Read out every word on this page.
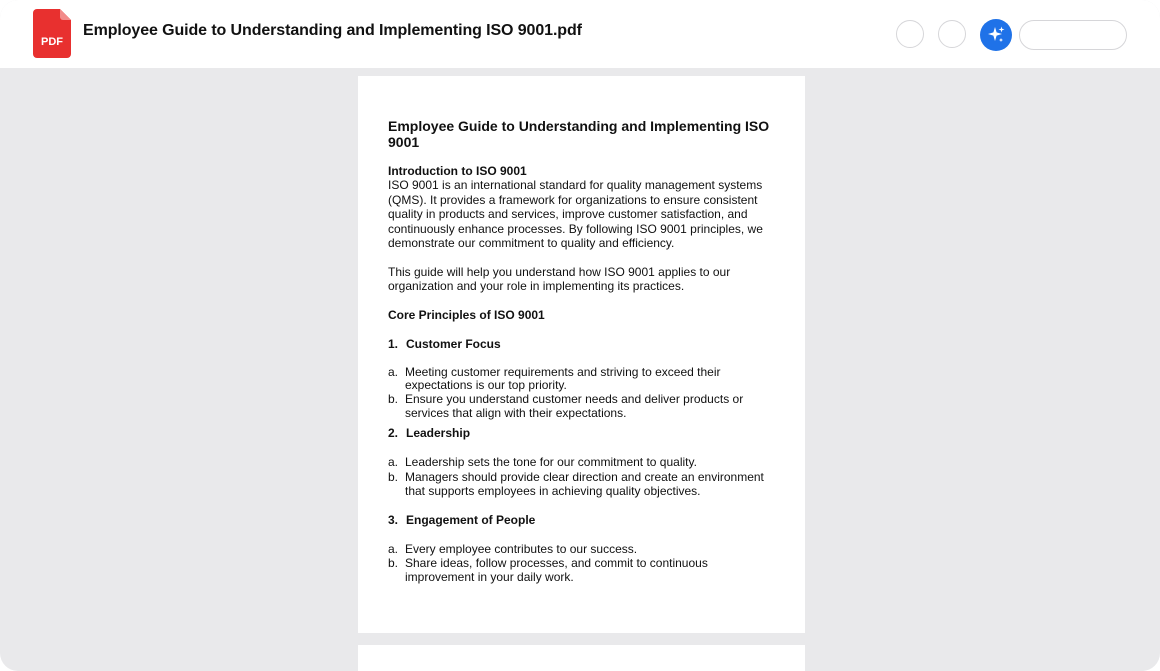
PDF
Employee Guide to Understanding and Implementing ISO 9001.pdf
Employee Guide to Understanding and Implementing ISO 9001

Introduction to ISO 9001

ISO 9001 is an international standard for quality management systems (QMS). It provides a framework for organizations to ensure consistent quality in products and services, improve customer satisfaction, and continuously enhance processes. By following ISO 9001 principles, we demonstrate our commitment to quality and efficiency.

This guide will help you understand how ISO 9001 applies to our organization and your role in implementing its practices.

Core Principles of ISO 9001

1. Customer Focus
a. Meeting customer requirements and striving to exceed their expectations is our top priority.
b. Ensure you understand customer needs and deliver products or services that align with their expectations.
2. Leadership
a. Leadership sets the tone for our commitment to quality.
b. Managers should provide clear direction and create an environment that supports employees in achieving quality objectives.
3. Engagement of People
a. Every employee contributes to our success.
b. Share ideas, follow processes, and commit to continuous improvement in your daily work.
